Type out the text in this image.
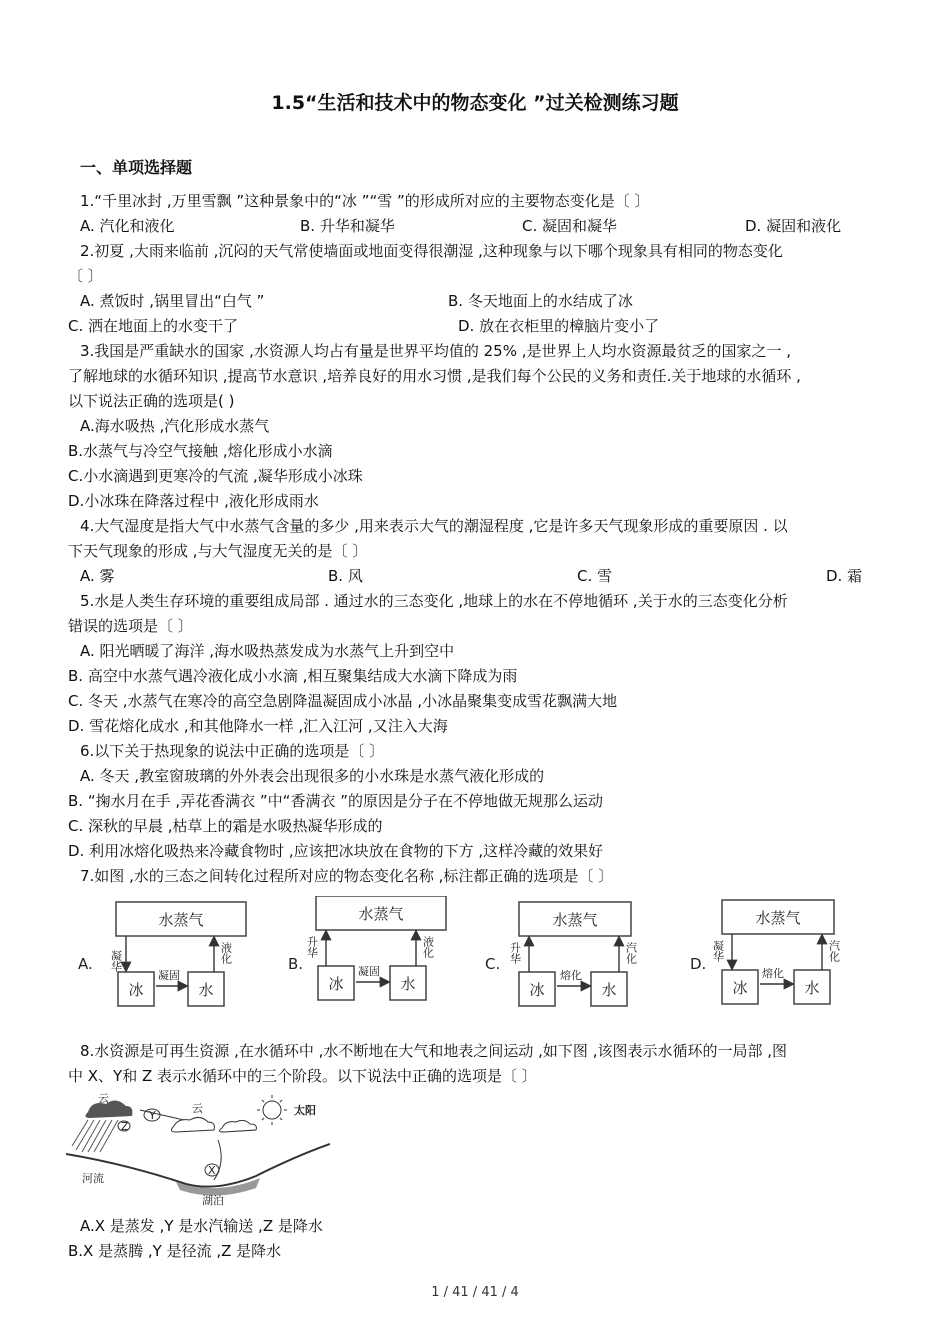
1.5“生活和技术中的物态变化 ”过关检测练习题
一、单项选择题
1.“千里冰封 ,万里雪飘 ”这种景象中的“冰 ”“雪 ”的形成所对应的主要物态变化是〔 〕
A. 汽化和液化	B. 升华和凝华	C. 凝固和凝华	D. 凝固和液化
2.初夏 ,大雨来临前 ,沉闷的天气常使墙面或地面变得很潮湿 ,这种现象与以下哪个现象具有相同的物态变化
〔 〕
A. 煮饭时 ,锅里冒出“白气 ”	B. 冬天地面上的水结成了冰
C. 洒在地面上的水变干了	D. 放在衣柜里的樟脑片变小了
3.我国是严重缺水的国家 ,水资源人均占有量是世界平均值的 25% ,是世界上人均水资源最贫乏的国家之一 ,
了解地球的水循环知识 ,提高节水意识 ,培养良好的用水习惯 ,是我们每个公民的义务和责任.关于地球的水循环 ,
以下说法正确的选项是( )
A.海水吸热 ,汽化形成水蒸气
B.水蒸气与冷空气接触 ,熔化形成小水滴
C.小水滴遇到更寒冷的气流 ,凝华形成小冰珠
D.小冰珠在降落过程中 ,液化形成雨水
4.大气湿度是指大气中水蒸气含量的多少 ,用来表示大气的潮湿程度 ,它是许多天气现象形成的重要原因 . 以
下天气现象的形成 ,与大气湿度无关的是〔 〕
A. 雾	B. 风	C. 雪	D. 霜
5.水是人类生存环境的重要组成局部 . 通过水的三态变化 ,地球上的水在不停地循环 ,关于水的三态变化分析
错误的选项是〔 〕
A. 阳光晒暖了海洋 ,海水吸热蒸发成为水蒸气上升到空中
B. 高空中水蒸气遇冷液化成小水滴 ,相互聚集结成大水滴下降成为雨
C. 冬天 ,水蒸气在寒冷的高空急剧降温凝固成小冰晶 ,小冰晶聚集变成雪花飘满大地
D. 雪花熔化成水 ,和其他降水一样 ,汇入江河 ,又注入大海
6.以下关于热现象的说法中正确的选项是〔 〕
A. 冬天 ,教室窗玻璃的外外表会出现很多的小水珠是水蒸气液化形成的
B. “掬水月在手 ,弄花香满衣 ”中“香满衣 ”的原因是分子在不停地做无规那么运动
C. 深秋的早晨 ,枯草上的霜是水吸热凝华形成的
D. 利用冰熔化吸热来冷藏食物时 ,应该把冰块放在食物的下方 ,这样冷藏的效果好
7.如图 ,水的三态之间转化过程所对应的物态变化名称 ,标注都正确的选项是〔 〕
A.
水蒸气
冰	水
凝华	液化
凝固
B.
水蒸气
冰	水
升华	液化
凝固	C.
水蒸气
冰	水
升华	汽化
熔化
D.
水蒸气
冰	水
凝华	汽化
熔化
8.水资源是可再生资源 ,在水循环中 ,水不断地在大气和地表之间运动 ,如下图 ,该图表示水循环的一局部 ,图
中 X、Y和 Z 表示水循环中的三个阶段。以下说法中正确的选项是〔 〕
云
Y
Z
云	太阳
河流
湖泊
X
A.X 是蒸发 ,Y 是水汽输送 ,Z 是降水
B.X 是蒸腾 ,Y 是径流 ,Z 是降水
1 / 41 / 41 / 4
